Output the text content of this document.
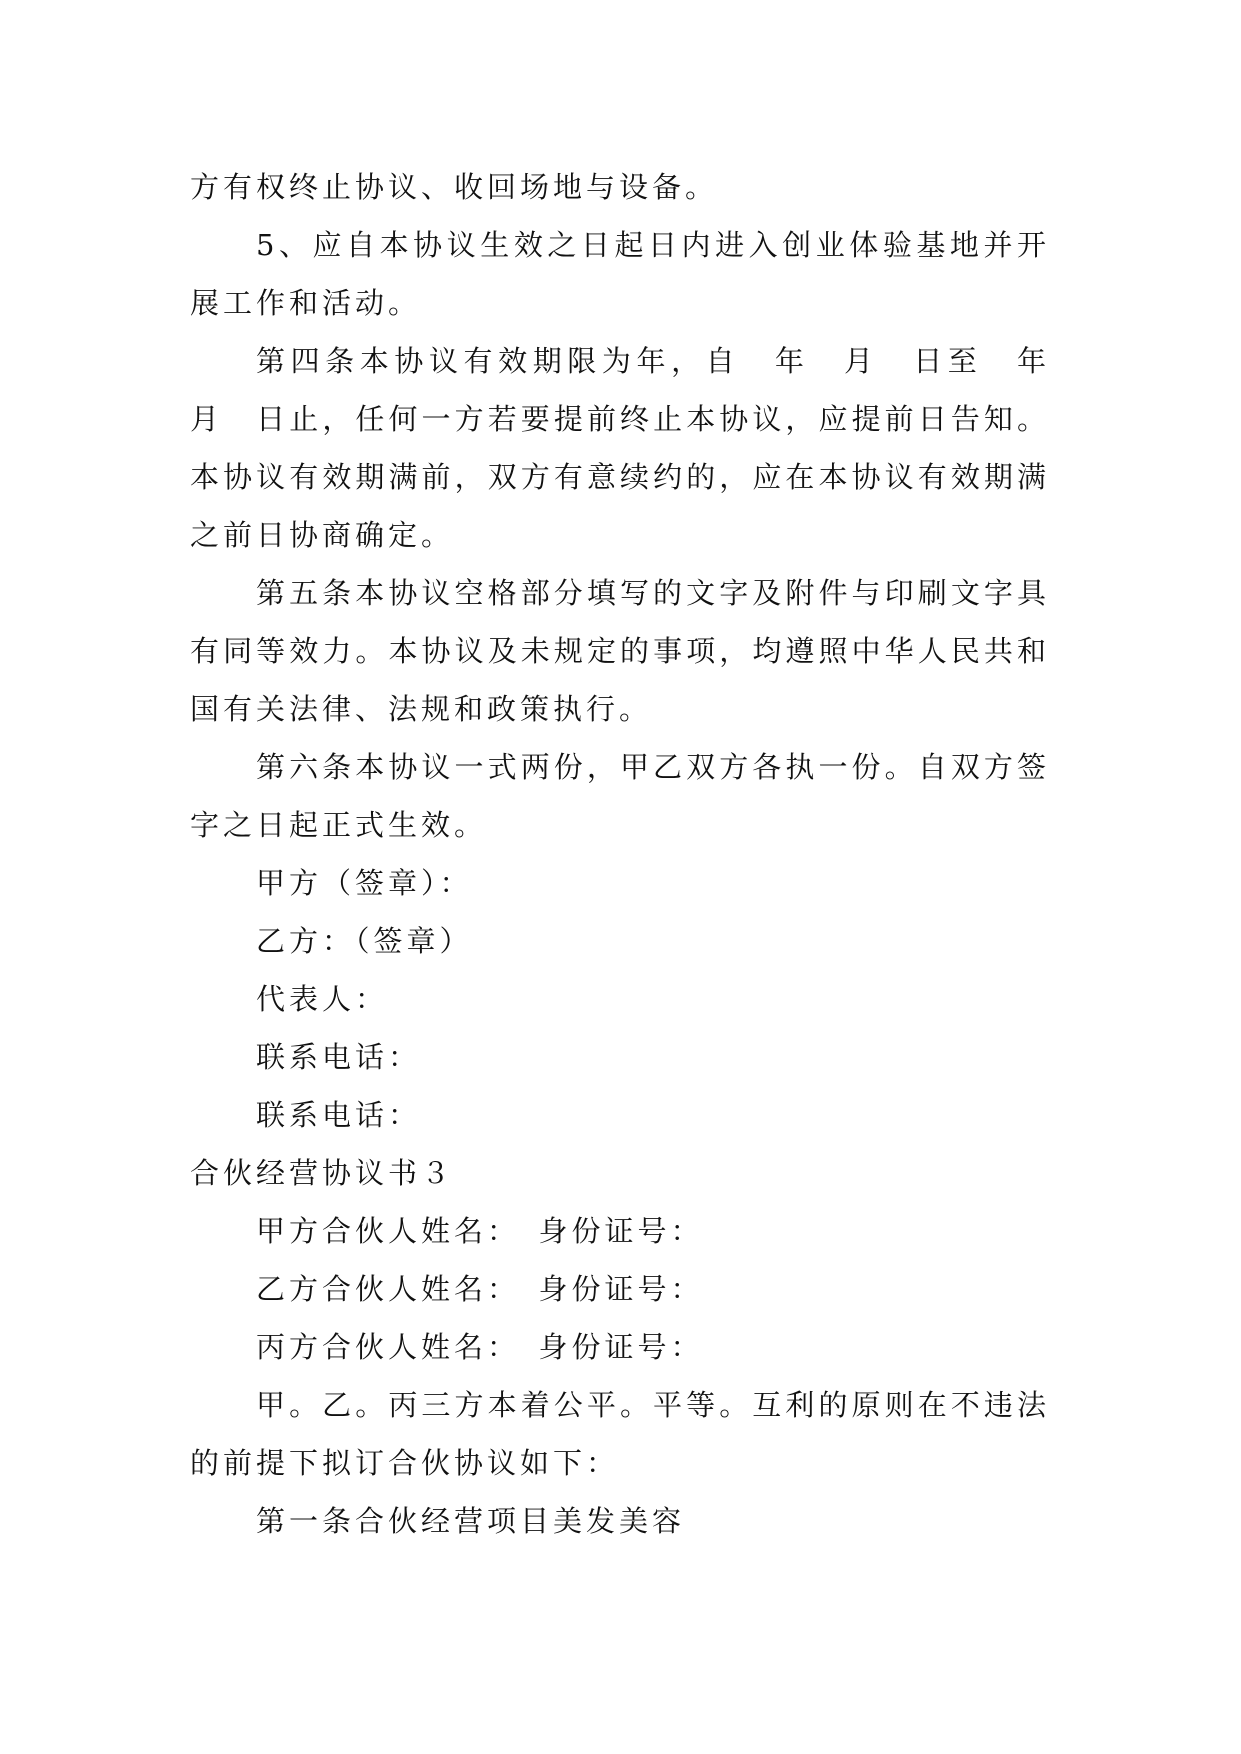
方有权终止协议、收回场地与设备。

5、应自本协议生效之日起日内进入创业体验基地并开展工作和活动。

第四条本协议有效期限为年，自　年　月　日至　年　月　日止，任何一方若要提前终止本协议，应提前日告知。本协议有效期满前，双方有意续约的，应在本协议有效期满之前日协商确定。

第五条本协议空格部分填写的文字及附件与印刷文字具有同等效力。本协议及未规定的事项，均遵照中华人民共和国有关法律、法规和政策执行。

第六条本协议一式两份，甲乙双方各执一份。自双方签字之日起正式生效。

甲方（签章）：

乙方：（签章）

代表人：

联系电话：

联系电话：

合伙经营协议书３

甲方合伙人姓名：　身份证号：

乙方合伙人姓名：　身份证号：

丙方合伙人姓名：　身份证号：

甲。乙。丙三方本着公平。平等。互利的原则在不违法的前提下拟订合伙协议如下：

第一条合伙经营项目美发美容
